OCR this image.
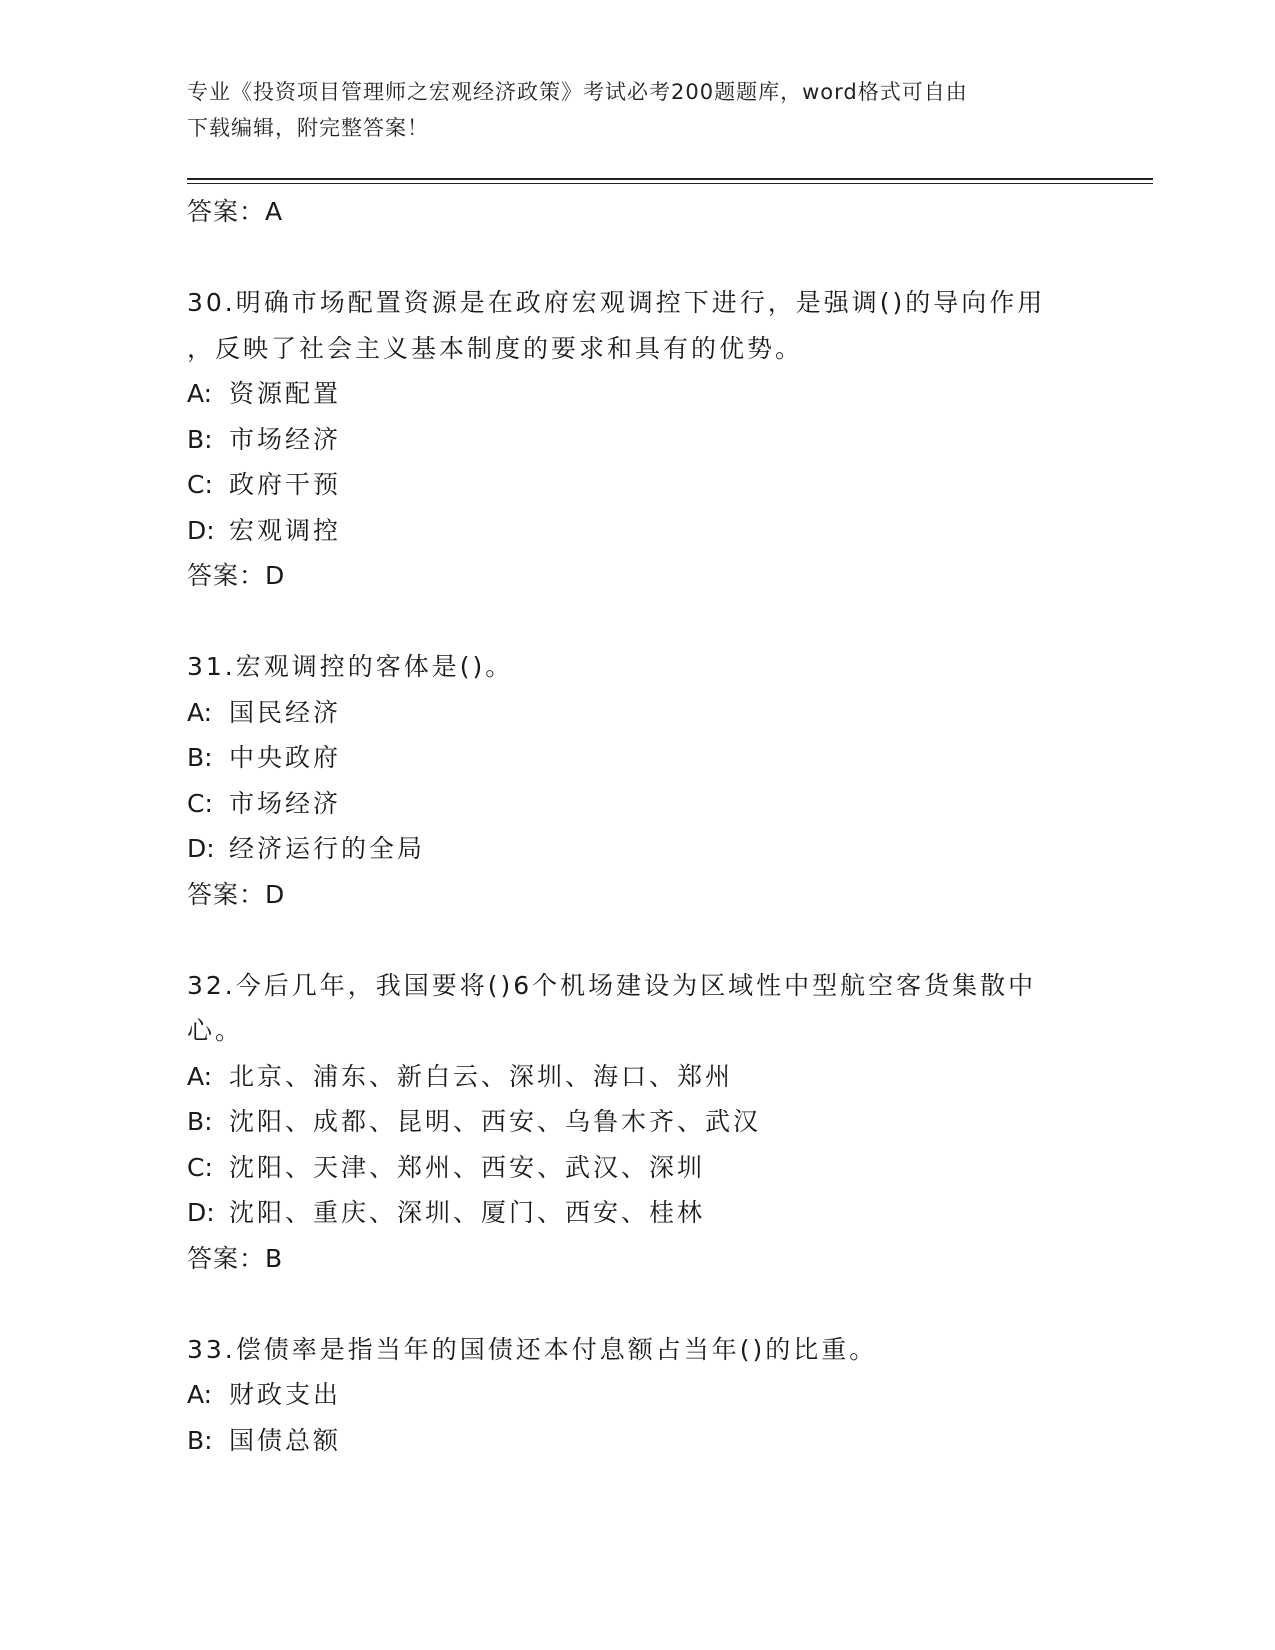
专业《投资项目管理师之宏观经济政策》考试必考200题题库，word格式可自由
下载编辑，附完整答案！
答案：A
30.明确市场配置资源是在政府宏观调控下进行，是强调()的导向作用
，反映了社会主义基本制度的要求和具有的优势。
A: 资源配置
B: 市场经济
C: 政府干预
D: 宏观调控
答案：D
31.宏观调控的客体是()。
A: 国民经济
B: 中央政府
C: 市场经济
D: 经济运行的全局
答案：D
32.今后几年，我国要将()6个机场建设为区域性中型航空客货集散中
心。
A: 北京、浦东、新白云、深圳、海口、郑州
B: 沈阳、成都、昆明、西安、乌鲁木齐、武汉
C: 沈阳、天津、郑州、西安、武汉、深圳
D: 沈阳、重庆、深圳、厦门、西安、桂林
答案：B
33.偿债率是指当年的国债还本付息额占当年()的比重。
A: 财政支出
B: 国债总额
